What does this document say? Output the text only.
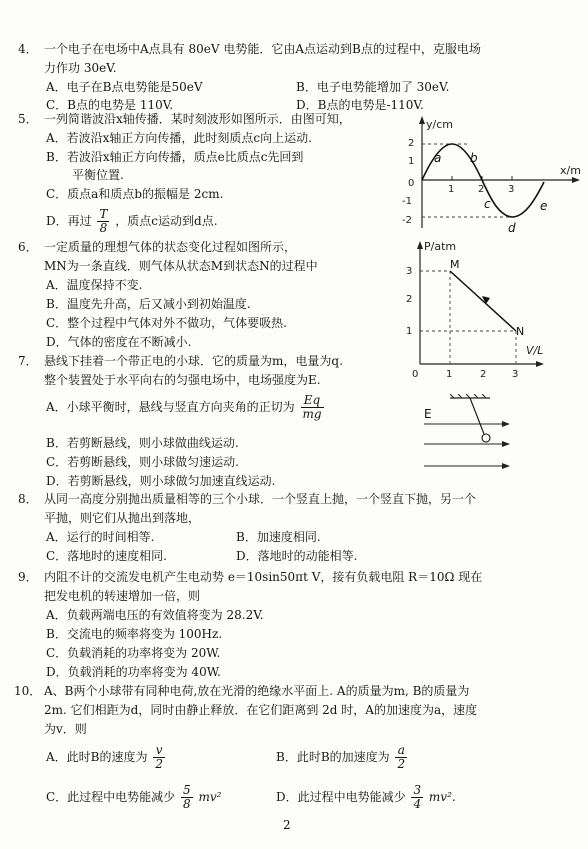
4． 一个电子在电场中A点具有 80eV 电势能．它由A点运动到B点的过程中，克服电场
力作功 30eV.
A．电子在B点电势能是50eV	B．电子电势能增加了 30eV.
C．B点的电势是 110V.	D．B点的电势是-110V.
5． 一列简谐波沿x轴传播．某时刻波形如图所示．由图可知，
A．若波沿x轴正方向传播，此时刻质点c向上运动.
B．若波沿x轴正方向传播，质点e比质点c先回到
平衡位置.
C．质点a和质点b的振幅是 2cm.
D．再过 $\frac{T}{8}$ ，质点c运动到d点.
y/cm
x/m
2
1
0
-1
-2
1 2 3
a b
c
d
e
6． 一定质量的理想气体的状态变化过程如图所示，
MN为一条直线．则气体从状态M到状态N的过程中
A．温度保持不变.
B．温度先升高，后又减小到初始温度.
C．整个过程中气体对外不做功，气体要吸热.
D．气体的密度在不断减小.
P/atm
V/L
3
2
1
0	1	2	3
M
N
7． 悬线下挂着一个带正电的小球．它的质量为m，电量为q.
整个装置处于水平向右的匀强电场中，电场强度为E.
A．小球平衡时，悬线与竖直方向夹角的正切为 $\frac{Eq}{mg}$
B．若剪断悬线，则小球做曲线运动.
C．若剪断悬线，则小球做匀速运动.
D．若剪断悬线，则小球做匀加速直线运动.
E
8． 从同一高度分别抛出质量相等的三个小球．一个竖直上抛，一个竖直下抛，另一个
平抛，则它们从抛出到落地，
A．运行的时间相等.	B．加速度相同.
C．落地时的速度相同.	D．落地时的动能相等.
9． 内阻不计的交流发电机产生电动势 e＝10sin50πt V，接有负载电阻 R＝10Ω 现在
把发电机的转速增加一倍，则
A．负载两端电压的有效值将变为 28.2V.
B．交流电的频率将变为 100Hz.
C．负载消耗的功率将变为 20W.
D．负载消耗的功率将变为 40W.
10． A、B两个小球带有同种电荷,放在光滑的绝缘水平面上. A的质量为m, B的质量为
2m. 它们相距为d，同时由静止释放．在它们距离到 2d 时，A的加速度为a，速度
为v．则
A．此时B的速度为 $\frac{v}{2}$	B．此时B的加速度为 $\frac{a}{2}$
C．此过程中电势能减少 $\frac{5}{8} mv^2$	D．此过程中电势能减少 $\frac{3}{4} mv^2$.
2
